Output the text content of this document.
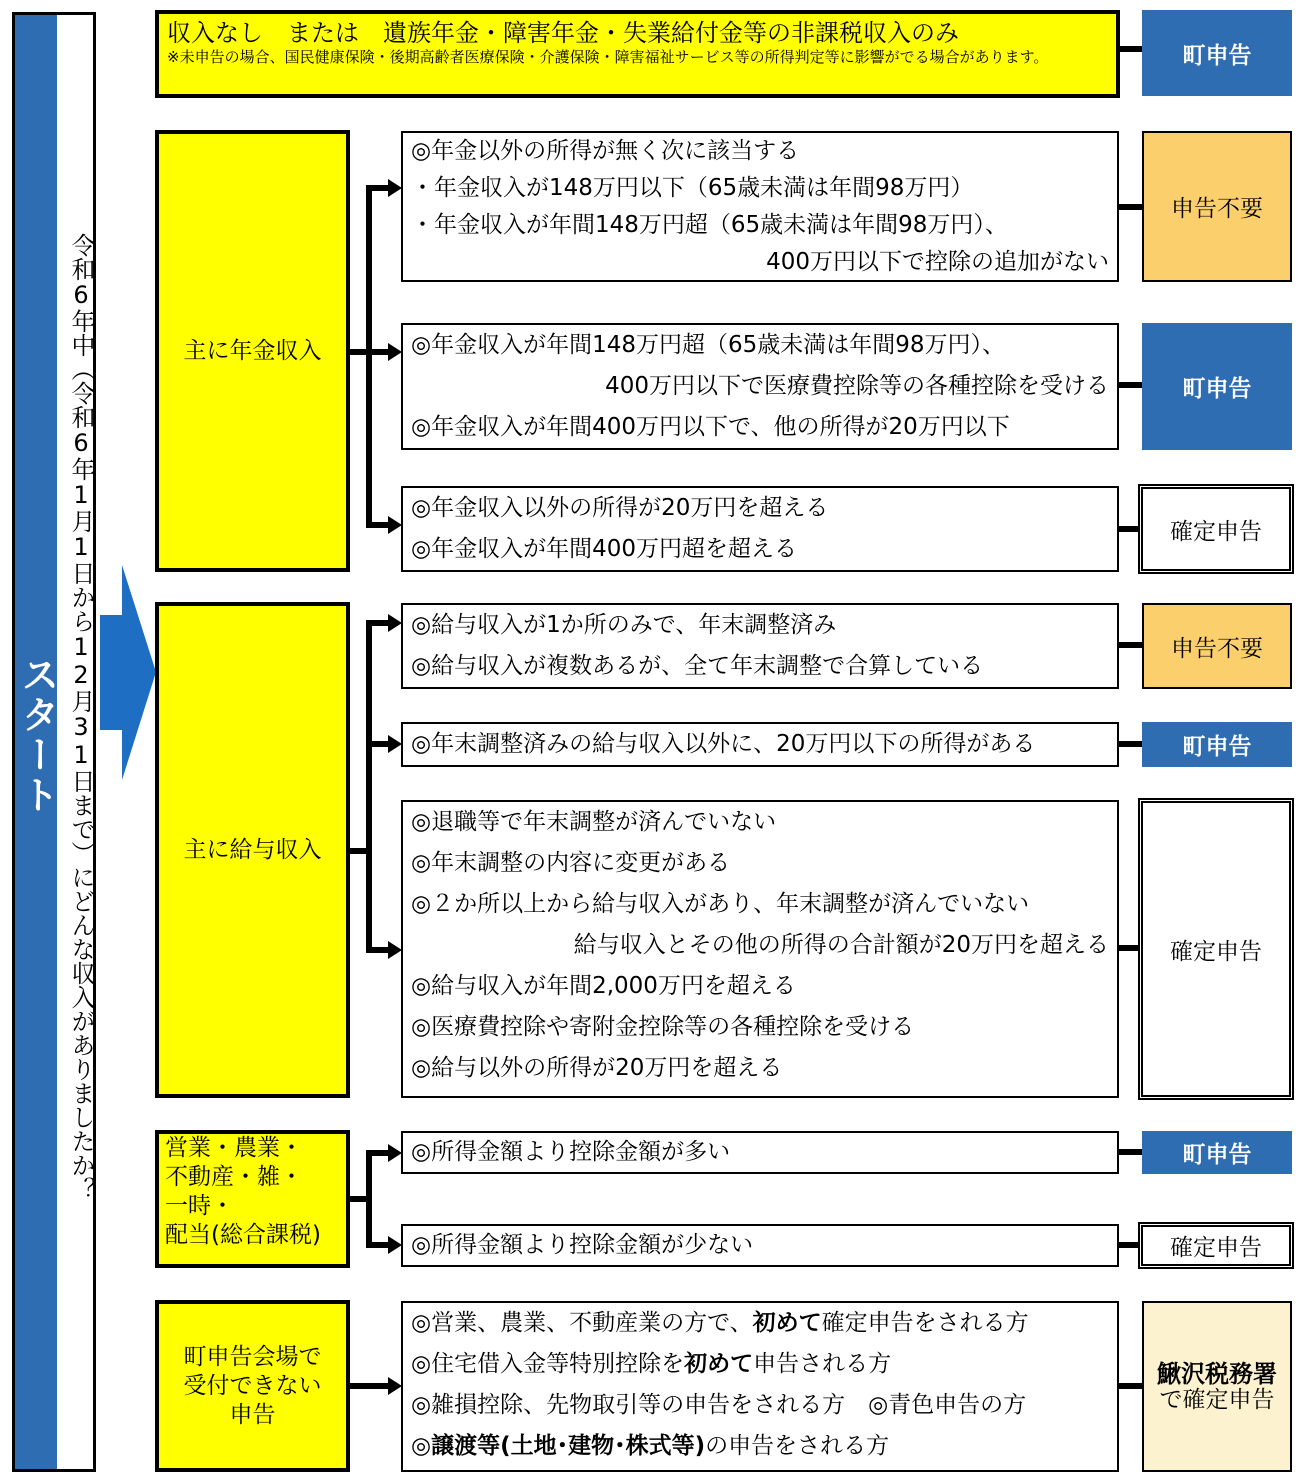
スタート 令和6年中（令和6年1月1日から12月31日まで）にどんな収入がありましたか？
収入なし　または　遺族年金・障害年金・失業給付金等の非課税収入のみ
※未申告の場合、国民健康保険・後期高齢者医療保険・介護保険・障害福祉サービス等の所得判定等に影響がでる場合があります。	町申告
主に年金収入
◎年金以外の所得が無く次に該当する
・年金収入が148万円以下（65歳未満は年間98万円）
・年金収入が年間148万円超（65歳未満は年間98万円）、
400万円以下で控除の追加がない
申告不要
◎年金収入が年間148万円超（65歳未満は年間98万円）、
400万円以下で医療費控除等の各種控除を受ける
◎年金収入が年間400万円以下で、他の所得が20万円以下
町申告
◎年金収入以外の所得が20万円を超える
◎年金収入が年間400万円超を超える
確定申告
主に給与収入
◎給与収入が1か所のみで、年末調整済み
◎給与収入が複数あるが、全て年末調整で合算している
申告不要
◎年末調整済みの給与収入以外に、20万円以下の所得がある	町申告
◎退職等で年末調整が済んでいない
◎年末調整の内容に変更がある
◎２か所以上から給与収入があり、年末調整が済んでいない
給与収入とその他の所得の合計額が20万円を超える
◎給与収入が年間2,000万円を超える
◎医療費控除や寄附金控除等の各種控除を受ける
◎給与以外の所得が20万円を超える
確定申告
営業・農業・
不動産・雑・
一時・
配当(総合課税)
◎所得金額より控除金額が多い	町申告
◎所得金額より控除金額が少ない	確定申告
町申告会場で
受付できない
申告
◎営業、農業、不動産業の方で、初めて確定申告をされる方
◎住宅借入金等特別控除を初めて申告される方
◎雑損控除、先物取引等の申告をされる方　◎青色申告の方
◎譲渡等(土地･建物･株式等)の申告をされる方
鰍沢税務署
で確定申告
